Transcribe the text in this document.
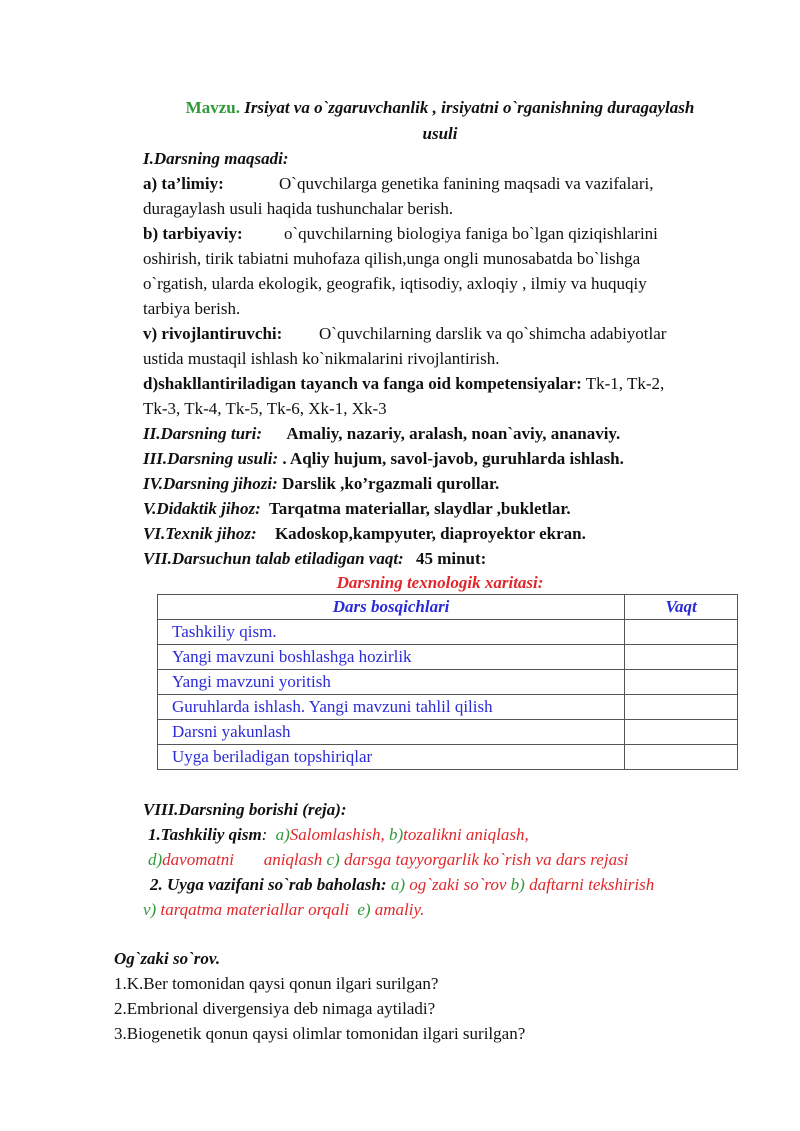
Mavzu. Irsiyat va o`zgaruvchanlik , irsiyatni o`rganishning duragaylash
usuli
I.Darsning maqsadi:
a) ta’limiy:	O`quvchilarga genetika fanining maqsadi va vazifalari,
duragaylash usuli haqida tushunchalar berish.
b) tarbiyaviy: o`quvchilarning biologiya faniga bo`lgan qiziqishlarini
oshirish, tirik tabiatni muhofaza qilish,unga ongli munosabatda bo`lishga
o`rgatish, ularda ekologik, geografik, iqtisodiy, axloqiy , ilmiy va huquqiy
tarbiya berish.
v) rivojlantiruvchi: O`quvchilarning darslik va qo`shimcha adabiyotlar
ustida mustaqil ishlash ko`nikmalarini rivojlantirish.
d)shakllantiriladigan tayanch va fanga oid kompetensiyalar: Tk-1, Tk-2,
Tk-3, Tk-4, Tk-5, Tk-6, Xk-1, Xk-3
II.Darsning turi: Amaliy, nazariy, aralash, noan`aviy, ananaviy.
III.Darsning usuli: . Aqliy hujum, savol-javob, guruhlarda ishlash.
IV.Darsning jihozi: Darslik ,ko’rgazmali qurollar.
V.Didaktik jihoz: Tarqatma materiallar, slaydlar ,bukletlar.
VI.Texnik jihoz: Kadoskop,kampyuter, diaproyektor ekran.
VII.Darsuchun talab etiladigan vaqt: 45 minut:
Darsning texnologik xaritasi:
Dars bosqichlari	Vaqt
Tashkiliy qism.	
Yangi mavzuni boshlashga hozirlik	
Yangi mavzuni yoritish	
Guruhlarda ishlash. Yangi mavzuni tahlil qilish	
Darsni yakunlash	
Uyga beriladigan topshiriqlar	
VIII.Darsning borishi (reja):
1.Tashkiliy qism: a)Salomlashish, b)tozalikni aniqlash,
d)davomatni       aniqlash c) darsga tayyorgarlik ko`rish va dars rejasi
2. Uyga vazifani so`rab baholash: a) og`zaki so`rov b) daftarni tekshirish
v) tarqatma materiallar orqali e) amaliy.
Og`zaki so`rov.
1.K.Ber tomonidan qaysi qonun ilgari surilgan?
2.Embrional divergensiya deb nimaga aytiladi?
3.Biogenetik qonun qaysi olimlar tomonidan ilgari surilgan?
